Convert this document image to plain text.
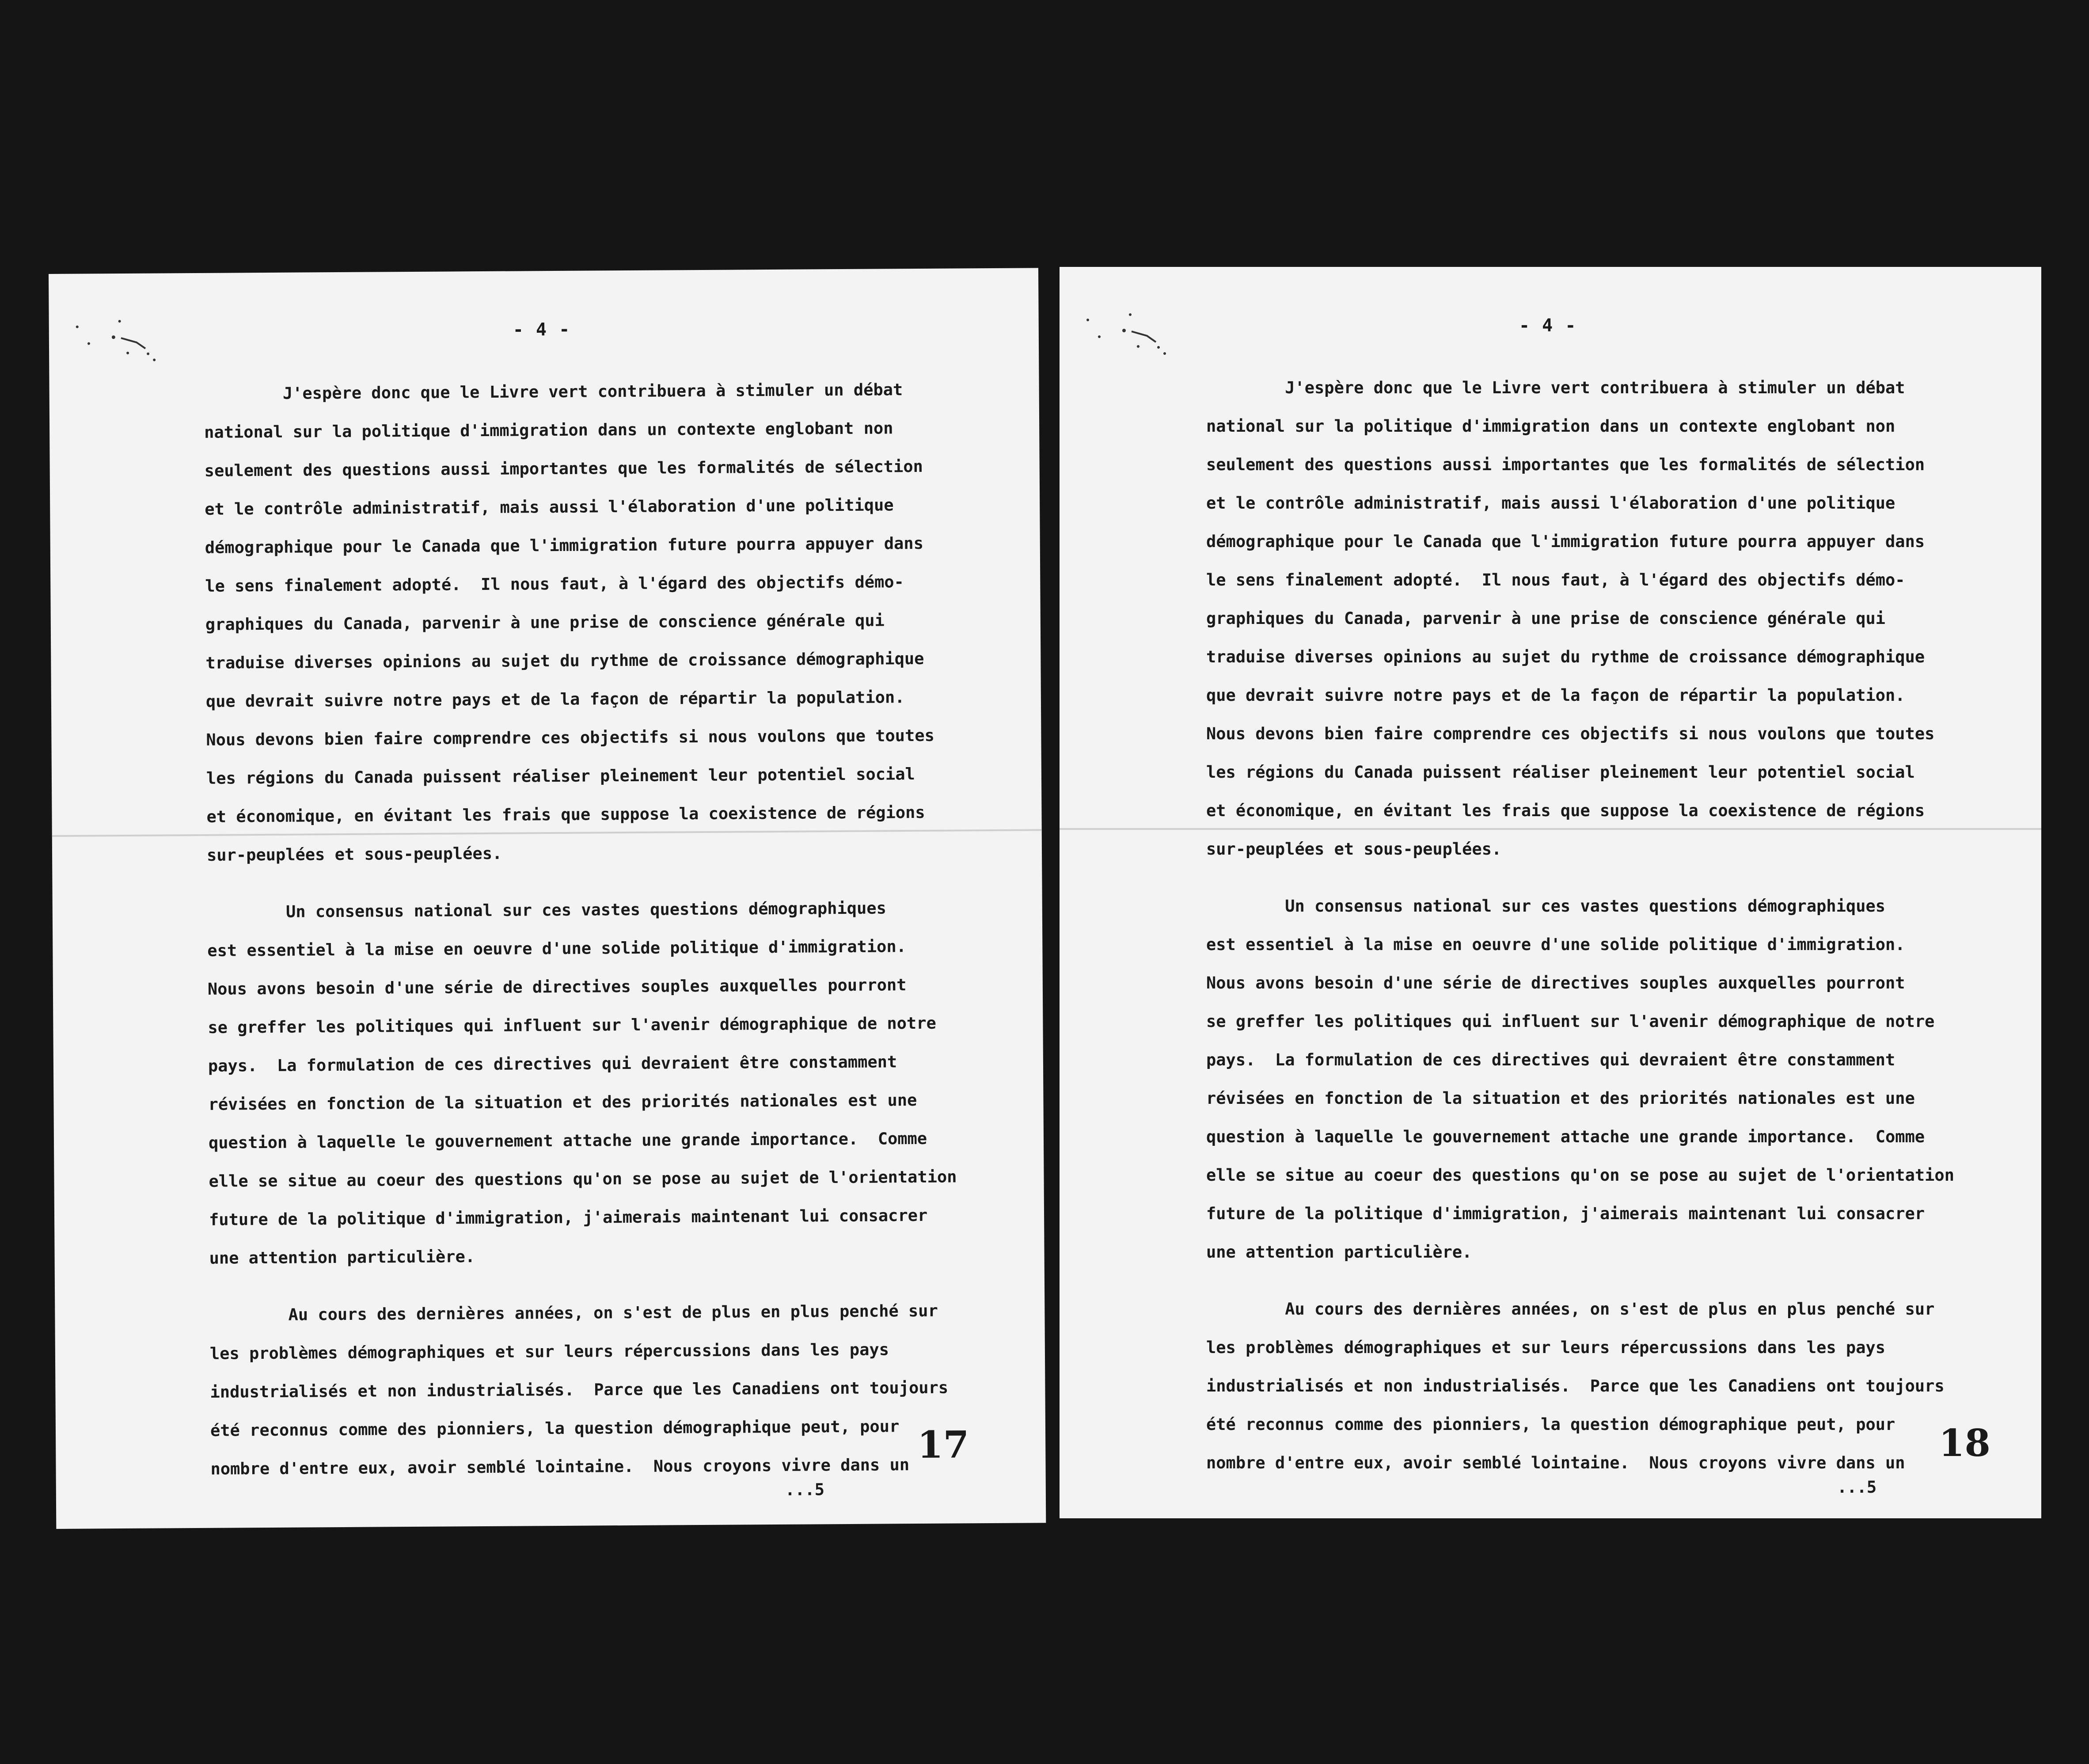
- 4 -
J'espère donc que le Livre vert contribuera à stimuler un débat
national sur la politique d'immigration dans un contexte englobant non
seulement des questions aussi importantes que les formalités de sélection
et le contrôle administratif, mais aussi l'élaboration d'une politique
démographique pour le Canada que l'immigration future pourra appuyer dans
le sens finalement adopté.  Il nous faut, à l'égard des objectifs démo-
graphiques du Canada, parvenir à une prise de conscience générale qui
traduise diverses opinions au sujet du rythme de croissance démographique
que devrait suivre notre pays et de la façon de répartir la population.
Nous devons bien faire comprendre ces objectifs si nous voulons que toutes
les régions du Canada puissent réaliser pleinement leur potentiel social
et économique, en évitant les frais que suppose la coexistence de régions
sur-peuplées et sous-peuplées.
Un consensus national sur ces vastes questions démographiques
est essentiel à la mise en oeuvre d'une solide politique d'immigration.
Nous avons besoin d'une série de directives souples auxquelles pourront
se greffer les politiques qui influent sur l'avenir démographique de notre
pays.  La formulation de ces directives qui devraient être constamment
révisées en fonction de la situation et des priorités nationales est une
question à laquelle le gouvernement attache une grande importance.  Comme
elle se situe au coeur des questions qu'on se pose au sujet de l'orientation
future de la politique d'immigration, j'aimerais maintenant lui consacrer
une attention particulière.
Au cours des dernières années, on s'est de plus en plus penché sur
les problèmes démographiques et sur leurs répercussions dans les pays
industrialisés et non industrialisés.  Parce que les Canadiens ont toujours
été reconnus comme des pionniers, la question démographique peut, pour
nombre d'entre eux, avoir semblé lointaine.  Nous croyons vivre dans un
17
...5
- 4 -
J'espère donc que le Livre vert contribuera à stimuler un débat
national sur la politique d'immigration dans un contexte englobant non
seulement des questions aussi importantes que les formalités de sélection
et le contrôle administratif, mais aussi l'élaboration d'une politique
démographique pour le Canada que l'immigration future pourra appuyer dans
le sens finalement adopté.  Il nous faut, à l'égard des objectifs démo-
graphiques du Canada, parvenir à une prise de conscience générale qui
traduise diverses opinions au sujet du rythme de croissance démographique
que devrait suivre notre pays et de la façon de répartir la population.
Nous devons bien faire comprendre ces objectifs si nous voulons que toutes
les régions du Canada puissent réaliser pleinement leur potentiel social
et économique, en évitant les frais que suppose la coexistence de régions
sur-peuplées et sous-peuplées.
Un consensus national sur ces vastes questions démographiques
est essentiel à la mise en oeuvre d'une solide politique d'immigration.
Nous avons besoin d'une série de directives souples auxquelles pourront
se greffer les politiques qui influent sur l'avenir démographique de notre
pays.  La formulation de ces directives qui devraient être constamment
révisées en fonction de la situation et des priorités nationales est une
question à laquelle le gouvernement attache une grande importance.  Comme
elle se situe au coeur des questions qu'on se pose au sujet de l'orientation
future de la politique d'immigration, j'aimerais maintenant lui consacrer
une attention particulière.
Au cours des dernières années, on s'est de plus en plus penché sur
les problèmes démographiques et sur leurs répercussions dans les pays
industrialisés et non industrialisés.  Parce que les Canadiens ont toujours
été reconnus comme des pionniers, la question démographique peut, pour
nombre d'entre eux, avoir semblé lointaine.  Nous croyons vivre dans un 18
...5
